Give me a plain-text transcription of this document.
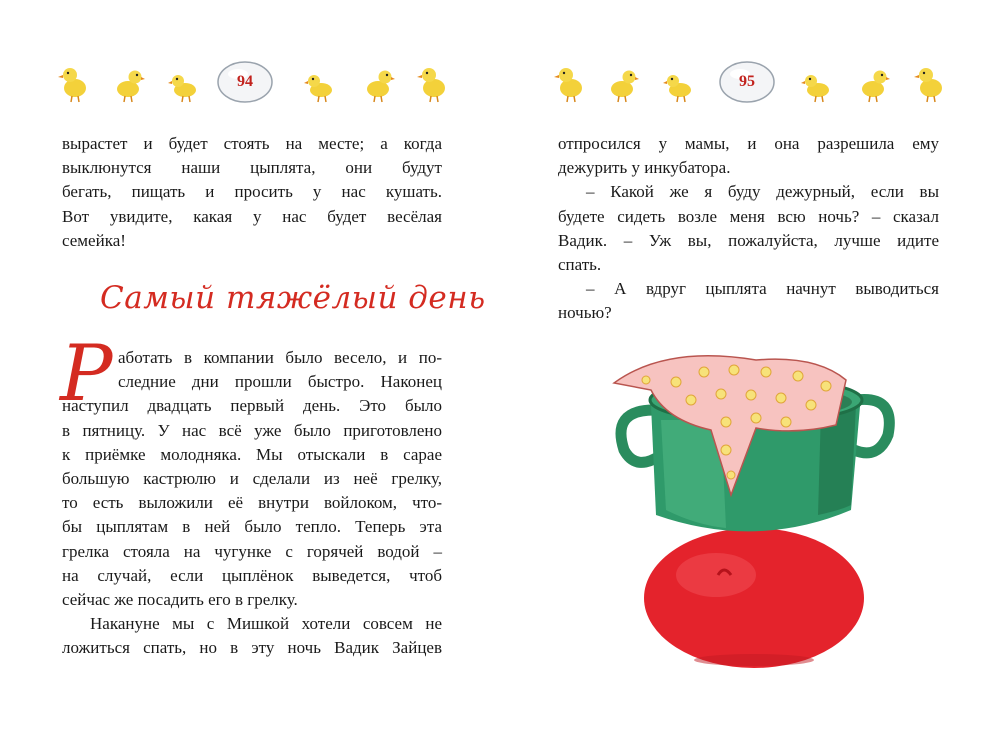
94
вырастет и будет стоять на месте; а когда
выклюнутся наши цыплята, они будут
бегать, пищать и просить у нас кушать.
Вот увидите, какая у нас будет весёлая
семейка!
Самый тяжёлый день
Р аботать в компании было весело, и по-
следние дни прошли быстро. Наконец
наступил двадцать первый день. Это было
в пятницу. У нас всё уже было приготовлено
к приёмке молодняка. Мы отыскали в сарае
большую кастрюлю и сделали из неё грелку,
то есть выложили её внутри войлоком, что-
бы цыплятам в ней было тепло. Теперь эта
грелка стояла на чугунке с горячей водой –
на случай, если цыплёнок выведется, чтоб
сейчас же посадить его в грелку.
Накануне мы с Мишкой хотели совсем не
ложиться спать, но в эту ночь Вадик Зайцев
95
отпросился у мамы, и она разрешила ему
дежурить у инкубатора.
– Какой же я буду дежурный, если вы
будете сидеть возле меня всю ночь? – сказал
Вадик. – Уж вы, пожалуйста, лучше идите
спать.
– А вдруг цыплята начнут выводиться
ночью?
